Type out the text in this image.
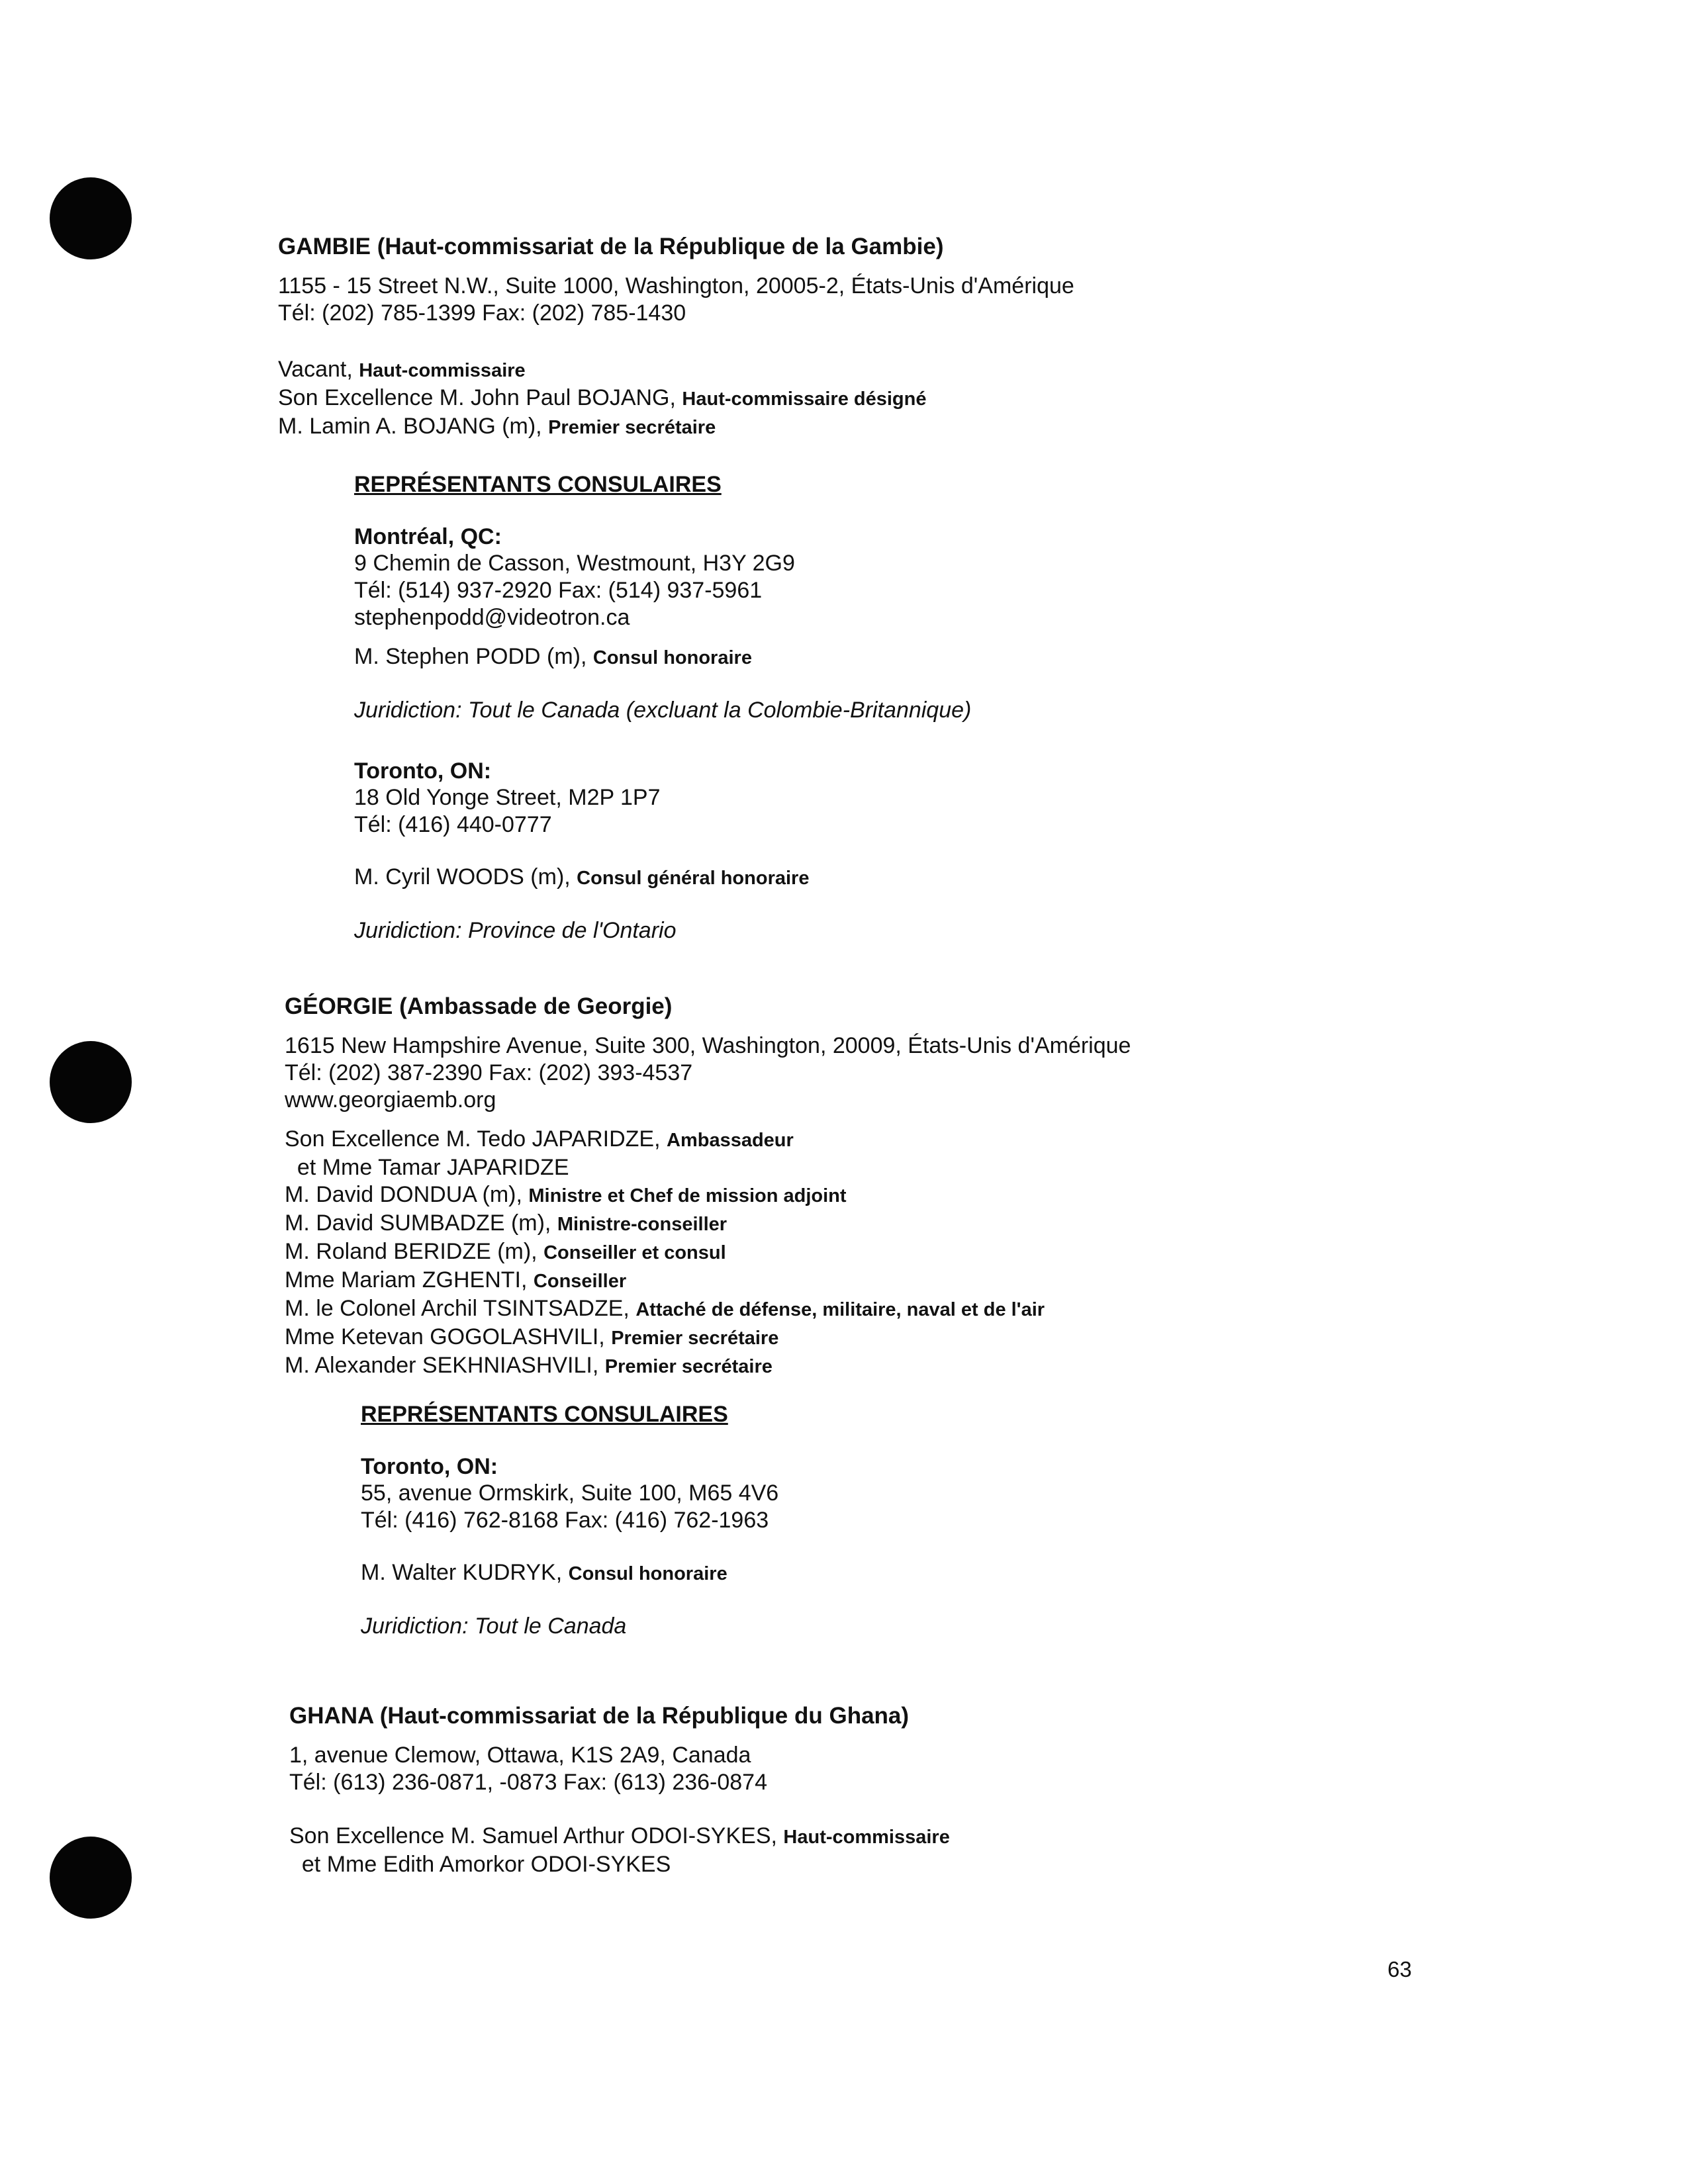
GAMBIE (Haut-commissariat de la République de la Gambie)

1155 - 15 Street N.W., Suite 1000, Washington, 20005-2, États-Unis d'Amérique

Tél: (202) 785-1399 Fax: (202) 785-1430

Vacant, Haut-commissaire

Son Excellence M. John Paul BOJANG, Haut-commissaire désigné

M. Lamin A. BOJANG (m), Premier secrétaire

REPRÉSENTANTS CONSULAIRES

Montréal, QC:

9 Chemin de Casson, Westmount, H3Y 2G9

Tél: (514) 937-2920 Fax: (514) 937-5961

stephenpodd@videotron.ca

M. Stephen PODD (m), Consul honoraire

Juridiction: Tout le Canada (excluant la Colombie-Britannique)

Toronto, ON:

18 Old Yonge Street, M2P 1P7

Tél: (416) 440-0777

M. Cyril WOODS (m), Consul général honoraire

Juridiction: Province de l'Ontario

GÉORGIE (Ambassade de Georgie)

1615 New Hampshire Avenue, Suite 300, Washington, 20009, États-Unis d'Amérique

Tél: (202) 387-2390 Fax: (202) 393-4537

www.georgiaemb.org

Son Excellence M. Tedo JAPARIDZE, Ambassadeur

et Mme Tamar JAPARIDZE

M. David DONDUA (m), Ministre et Chef de mission adjoint

M. David SUMBADZE (m), Ministre-conseiller

M. Roland BERIDZE (m), Conseiller et consul

Mme Mariam ZGHENTI, Conseiller

M. le Colonel Archil TSINTSADZE, Attaché de défense, militaire, naval et de l'air

Mme Ketevan GOGOLASHVILI, Premier secrétaire

M. Alexander SEKHNIASHVILI, Premier secrétaire

REPRÉSENTANTS CONSULAIRES

Toronto, ON:

55, avenue Ormskirk, Suite 100, M65 4V6

Tél: (416) 762-8168 Fax: (416) 762-1963

M. Walter KUDRYK, Consul honoraire

Juridiction: Tout le Canada

GHANA (Haut-commissariat de la République du Ghana)

1, avenue Clemow, Ottawa, K1S 2A9, Canada

Tél: (613) 236-0871, -0873 Fax: (613) 236-0874

Son Excellence M. Samuel Arthur ODOI-SYKES, Haut-commissaire

et Mme Edith Amorkor ODOI-SYKES

63
